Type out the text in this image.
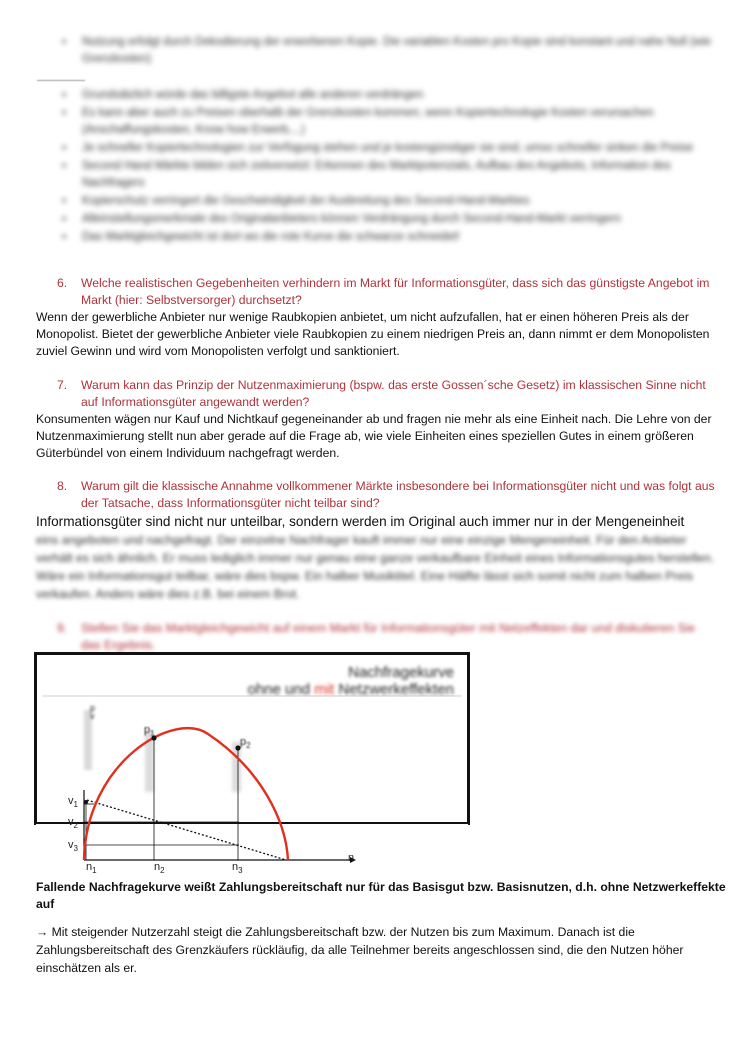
▪ Nutzung erfolgt durch Dekodierung der erworbenen Kopie. Die variablen Kosten pro Kopie sind konstant und nahe Null (wie Grenzkosten)
▪ Grundsätzlich würde das billigste Angebot alle anderen verdrängen
▪ Es kann aber auch zu Preisen oberhalb der Grenzkosten kommen, wenn Kopiertechnologie Kosten verursachen (Anschaffungskosten, Know how Erwerb,...)
▪ Je schneller Kopiertechnologien zur Verfügung stehen und je kostengünstiger sie sind, umso schneller sinken die Preise
▪ Second Hand Märkte bilden sich zeitversetzt: Erkennen des Marktpotenzials, Aufbau des Angebots, Information des Nachfragers
▪ Kopierschutz verringert die Geschwindigkeit der Ausbreitung des Second-Hand-Marktes
▪ Alleinstellungsmerkmale des Originalanbieters können Verdrängung durch Second-Hand-Markt verringern
▪ Das Marktgleichgewicht ist dort wo die rote Kurve die schwarze schneidet!
6.	Welche realistischen Gegebenheiten verhindern im Markt für Informationsgüter, dass sich das günstigste Angebot im Markt (hier: Selbstversorger) durchsetzt?
Wenn der gewerbliche Anbieter nur wenige Raubkopien anbietet, um nicht aufzufallen, hat er einen höheren Preis als der Monopolist. Bietet der gewerbliche Anbieter viele Raubkopien zu einem niedrigen Preis an, dann nimmt er dem Monopolisten zuviel Gewinn und wird vom Monopolisten verfolgt und sanktioniert.
7.	Warum kann das Prinzip der Nutzenmaximierung (bspw. das erste Gossen´sche Gesetz) im klassischen Sinne nicht auf Informationsgüter angewandt werden?
Konsumenten wägen nur Kauf und Nichtkauf gegeneinander ab und fragen nie mehr als eine Einheit nach. Die Lehre von der Nutzenmaximierung stellt nun aber gerade auf die Frage ab, wie viele Einheiten eines speziellen Gutes in einem größeren Güterbündel von einem Individuum nachgefragt werden.
8.	Warum gilt die klassische Annahme vollkommener Märkte insbesondere bei Informationsgüter nicht und was folgt aus der Tatsache, dass Informationsgüter nicht teilbar sind?
Informationsgüter sind nicht nur unteilbar, sondern werden im Original auch immer nur in der Mengeneinheit
eins angeboten und nachgefragt. Der einzelne Nachfrager kauft immer nur eine einzige Mengeneinheit. Für den Anbieter verhält es sich ähnlich. Er muss lediglich immer nur genau eine ganze verkaufbare Einheit eines Informationsgutes herstellen. Wäre ein Informationsgut teilbar, wäre dies bspw. Ein halber Musiktitel. Eine Hälfte lässt sich somit nicht zum halben Preis verkaufen. Anders wäre dies z.B. bei einem Brot.
9.	Stellen Sie das Marktgleichgewicht auf einem Markt für Informationsgüter mit Netzeffekten dar und diskutieren Sie das Ergebnis.
Nachfragekurve
ohne und mit Netzwerkeffekten
p
v
n
$p_1$
$p_2$
$v_1$
$v_2$
$v_3$
$n_1$	$n_2$	$n_3$
Fallende Nachfragekurve weißt Zahlungsbereitschaft nur für das Basisgut bzw. Basisnutzen, d.h. ohne Netzwerkeffekte auf
→ Mit steigender Nutzerzahl steigt die Zahlungsbereitschaft bzw. der Nutzen bis zum Maximum. Danach ist die Zahlungsbereitschaft des Grenzkäufers rückläufig, da alle Teilnehmer bereits angeschlossen sind, die den Nutzen höher einschätzen als er.
